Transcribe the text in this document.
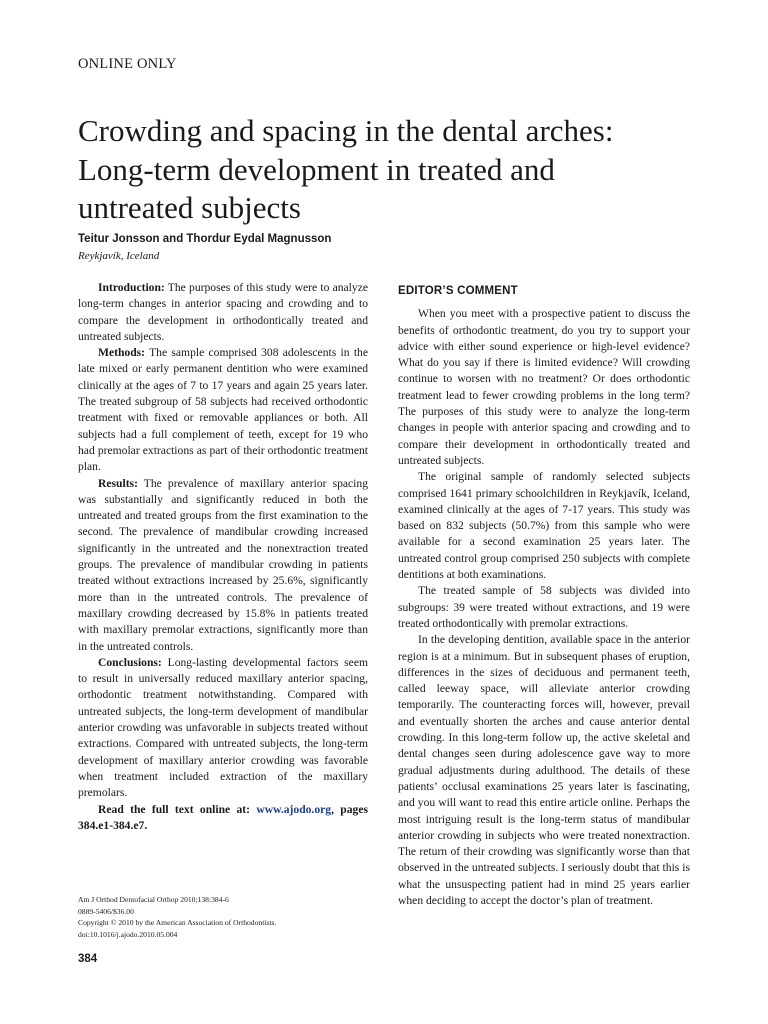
ONLINE ONLY
Crowding and spacing in the dental arches:
Long-term development in treated and
untreated subjects
Teitur Jonsson and Thordur Eydal Magnusson
Reykjavík, Iceland

Introduction: The purposes of this study were to analyze long-term changes in anterior spacing and crowding and to compare the development in orthodontically treated and untreated subjects.

Methods: The sample comprised 308 adolescents in the late mixed or early permanent dentition who were examined clinically at the ages of 7 to 17 years and again 25 years later. The treated subgroup of 58 subjects had received orthodontic treatment with fixed or removable appliances or both. All subjects had a full complement of teeth, except for 19 who had premolar extractions as part of their orthodontic treatment plan.

Results: The prevalence of maxillary anterior spacing was substantially and significantly reduced in both the untreated and treated groups from the first examination to the second. The prevalence of mandibular crowding increased significantly in the untreated and the nonextraction treated groups. The prevalence of mandibular crowding in patients treated without extractions increased by 25.6%, significantly more than in the untreated controls. The prevalence of maxillary crowding decreased by 15.8% in patients treated with maxillary premolar extractions, significantly more than in the untreated controls.

Conclusions: Long-lasting developmental factors seem to result in universally reduced maxillary anterior spacing, orthodontic treatment notwithstanding. Compared with untreated subjects, the long-term development of mandibular anterior crowding was unfavorable in subjects treated without extractions. Compared with untreated subjects, the long-term development of maxillary anterior crowding was favorable when treatment included extraction of the maxillary premolars.

Read the full text online at: www.ajodo.org, pages 384.e1-384.e7.

EDITOR’S COMMENT

When you meet with a prospective patient to discuss the benefits of orthodontic treatment, do you try to support your advice with either sound experience or high-level evidence? What do you say if there is limited evidence? Will crowding continue to worsen with no treatment? Or does orthodontic treatment lead to fewer crowding problems in the long term? The purposes of this study were to analyze the long-term changes in people with anterior spacing and crowding and to compare their development in orthodontically treated and untreated subjects.

The original sample of randomly selected subjects comprised 1641 primary schoolchildren in Reykjavík, Iceland, examined clinically at the ages of 7-17 years. This study was based on 832 subjects (50.7%) from this sample who were available for a second examination 25 years later. The untreated control group comprised 250 subjects with complete dentitions at both examinations.

The treated sample of 58 subjects was divided into subgroups: 39 were treated without extractions, and 19 were treated orthodontically with premolar extractions.

In the developing dentition, available space in the anterior region is at a minimum. But in subsequent phases of eruption, differences in the sizes of deciduous and permanent teeth, called leeway space, will alleviate anterior crowding temporarily. The counteracting forces will, however, prevail and eventually shorten the arches and cause anterior dental crowding. In this long-term follow up, the active skeletal and dental changes seen during adolescence gave way to more gradual adjustments during adulthood. The details of these patients’ occlusal examinations 25 years later is fascinating, and you will want to read this entire article online. Perhaps the most intriguing result is the long-term status of mandibular anterior crowding in subjects who were treated nonextraction. The return of their crowding was significantly worse than that observed in the untreated subjects. I seriously doubt that this is what the unsuspecting patient had in mind 25 years earlier when deciding to accept the doctor’s plan of treatment.

Am J Orthod Dentofacial Orthop 2010;138:384-6
0889-5406/$36.00
Copyright © 2010 by the American Association of Orthodontists.
doi:10.1016/j.ajodo.2010.05.004
384
